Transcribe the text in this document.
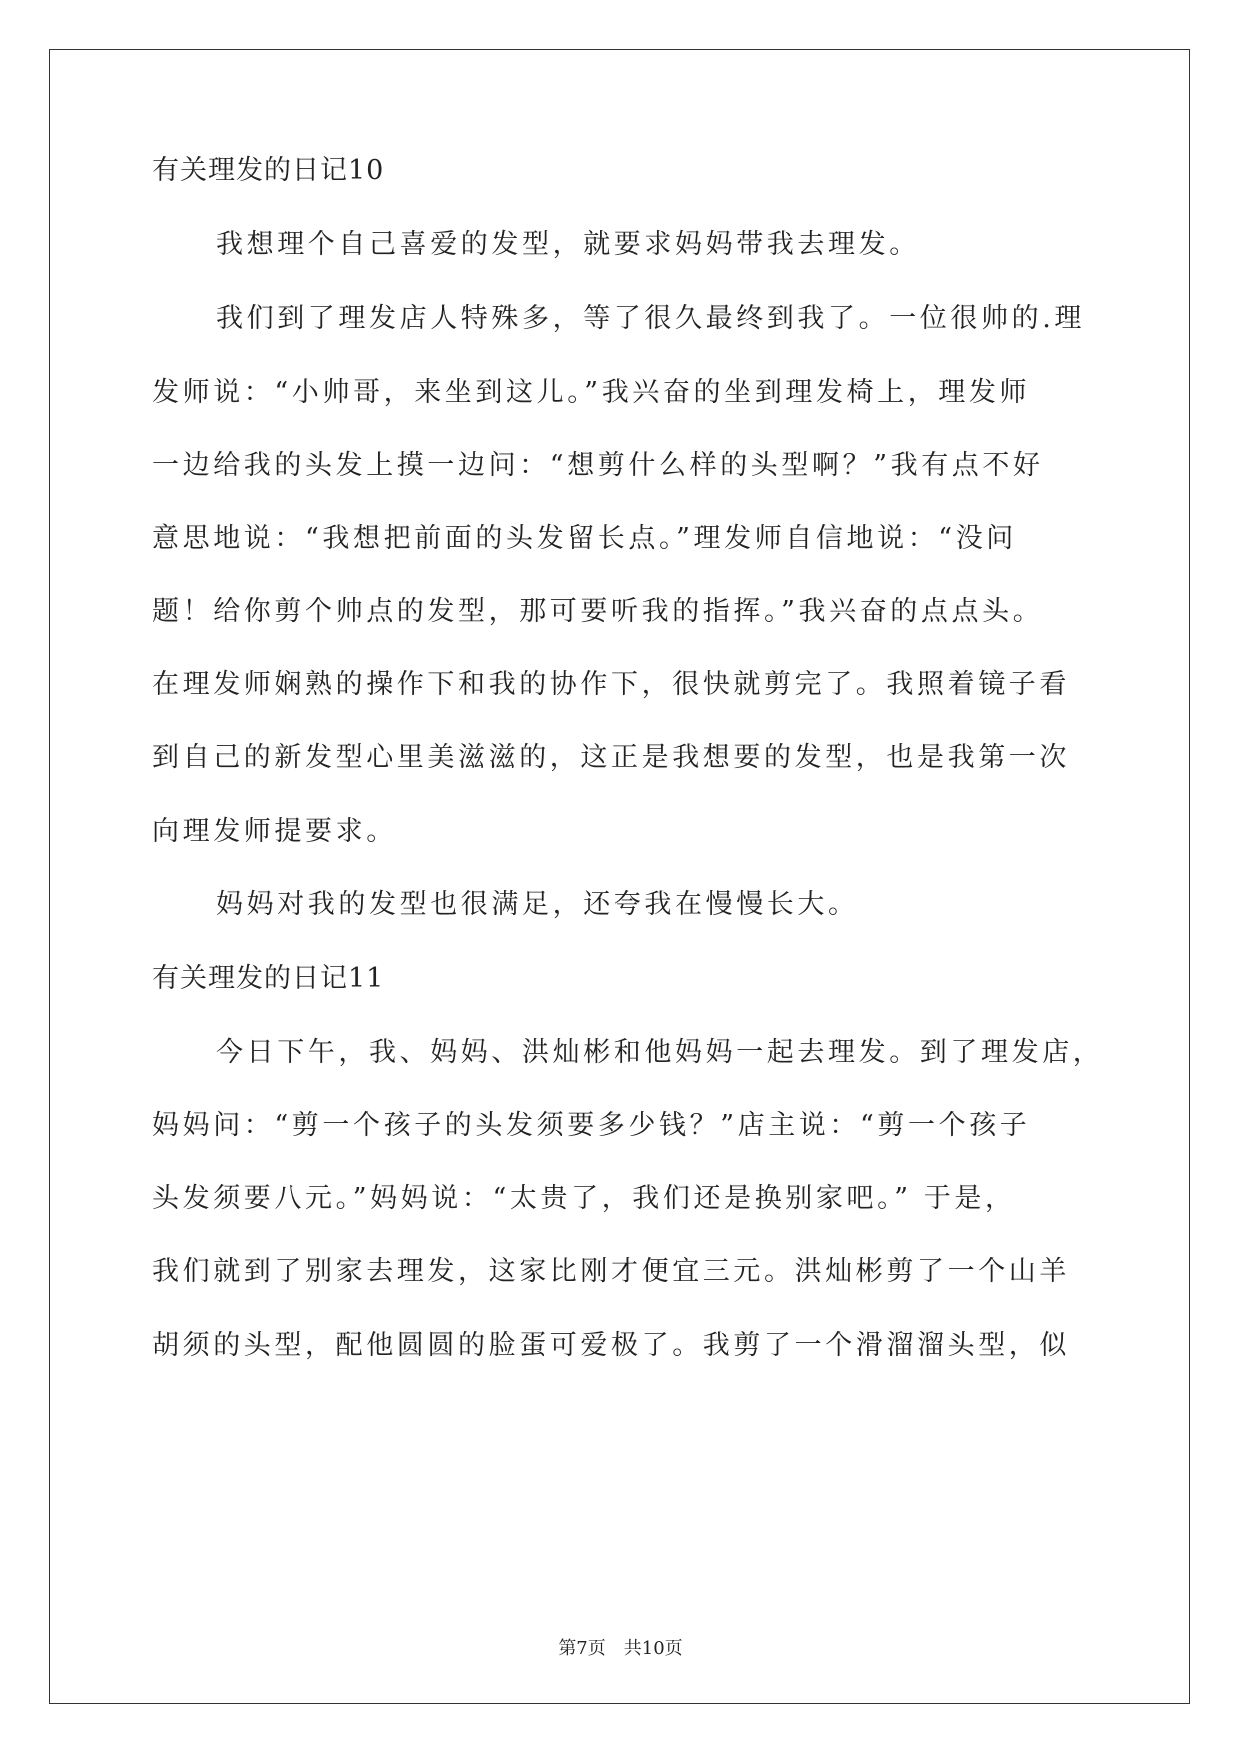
有关理发的日记10
我想理个自己喜爱的发型，就要求妈妈带我去理发。
我们到了理发店人特殊多，等了很久最终到我了。一位很帅的.理
发师说：“小帅哥，来坐到这儿。”我兴奋的坐到理发椅上，理发师
一边给我的头发上摸一边问：“想剪什么样的头型啊？”我有点不好
意思地说：“我想把前面的头发留长点。”理发师自信地说：“没问
题！给你剪个帅点的发型，那可要听我的指挥。”我兴奋的点点头。
在理发师娴熟的操作下和我的协作下，很快就剪完了。我照着镜子看
到自己的新发型心里美滋滋的，这正是我想要的发型，也是我第一次
向理发师提要求。
妈妈对我的发型也很满足，还夸我在慢慢长大。
有关理发的日记11
今日下午，我、妈妈、洪灿彬和他妈妈一起去理发。到了理发店，
妈妈问：“剪一个孩子的头发须要多少钱？”店主说：“剪一个孩子
头发须要八元。”妈妈说：“太贵了，我们还是换别家吧。” 于是，
我们就到了别家去理发，这家比刚才便宜三元。洪灿彬剪了一个山羊
胡须的头型，配他圆圆的脸蛋可爱极了。我剪了一个滑溜溜头型，似
第7页 共10页
